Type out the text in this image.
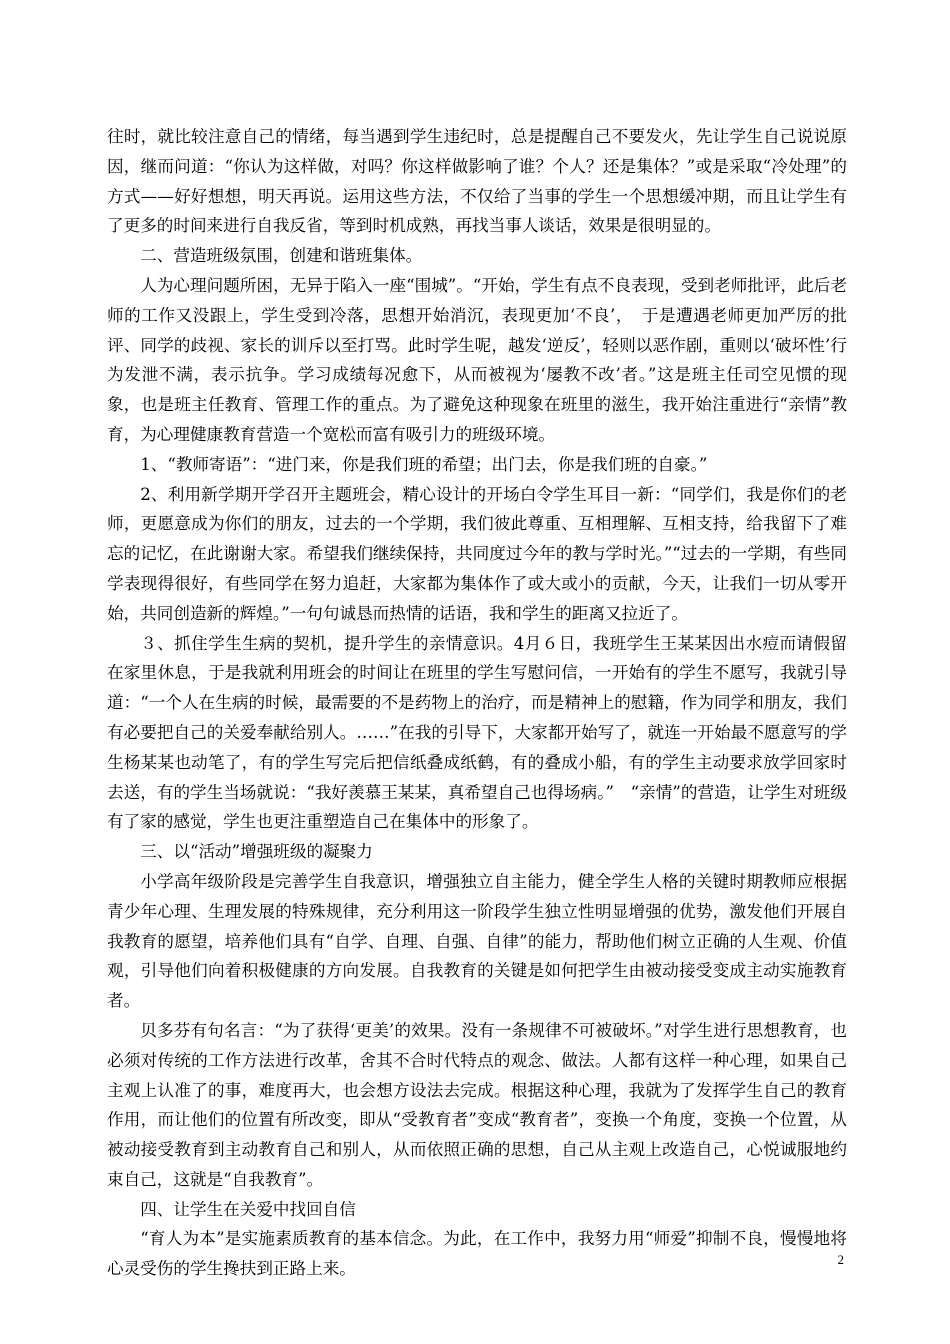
往时，就比较注意自己的情绪，每当遇到学生违纪时，总是提醒自己不要发火，先让学生自己说说原因，继而问道：“你认为这样做，对吗？你这样做影响了谁？个人？还是集体？”或是采取“冷处理”的方式——好好想想，明天再说。运用这些方法，不仅给了当事的学生一个思想缓冲期，而且让学生有了更多的时间来进行自我反省，等到时机成熟，再找当事人谈话，效果是很明显的。

二、营造班级氛围，创建和谐班集体。

人为心理问题所困，无异于陷入一座“围城”。“开始，学生有点不良表现，受到老师批评，此后老师的工作又没跟上，学生受到冷落，思想开始消沉，表现更加‘不良’，　于是遭遇老师更加严厉的批评、同学的歧视、家长的训斥以至打骂。此时学生呢，越发‘逆反’，轻则以恶作剧，重则以‘破坏性’行为发泄不满，表示抗争。学习成绩每况愈下，从而被视为‘屡教不改’者。”这是班主任司空见惯的现象，也是班主任教育、管理工作的重点。为了避免这种现象在班里的滋生，我开始注重进行“亲情”教育，为心理健康教育营造一个宽松而富有吸引力的班级环境。

1、“教师寄语”：“进门来，你是我们班的希望；出门去，你是我们班的自豪。”

2、利用新学期开学召开主题班会，精心设计的开场白令学生耳目一新：“同学们，我是你们的老师，更愿意成为你们的朋友，过去的一个学期，我们彼此尊重、互相理解、互相支持，给我留下了难忘的记忆，在此谢谢大家。希望我们继续保持，共同度过今年的教与学时光。”“过去的一学期，有些同学表现得很好，有些同学在努力追赶，大家都为集体作了或大或小的贡献，今天，让我们一切从零开始，共同创造新的辉煌。”一句句诚恳而热情的话语，我和学生的距离又拉近了。

３、抓住学生生病的契机，提升学生的亲情意识。4月６日，我班学生王某某因出水痘而请假留在家里休息，于是我就利用班会的时间让在班里的学生写慰问信，一开始有的学生不愿写，我就引导道：“一个人在生病的时候，最需要的不是药物上的治疗，而是精神上的慰籍，作为同学和朋友，我们有必要把自己的关爱奉献给别人。……”在我的引导下，大家都开始写了，就连一开始最不愿意写的学生杨某某也动笔了，有的学生写完后把信纸叠成纸鹤，有的叠成小船，有的学生主动要求放学回家时去送，有的学生当场就说：“我好羡慕王某某，真希望自己也得场病。”　“亲情”的营造，让学生对班级有了家的感觉，学生也更注重塑造自己在集体中的形象了。

三、以“活动”增强班级的凝聚力

小学高年级阶段是完善学生自我意识，增强独立自主能力，健全学生人格的关键时期教师应根据青少年心理、生理发展的特殊规律，充分利用这一阶段学生独立性明显增强的优势，激发他们开展自我教育的愿望，培养他们具有“自学、自理、自强、自律”的能力，帮助他们树立正确的人生观、价值观，引导他们向着积极健康的方向发展。自我教育的关键是如何把学生由被动接受变成主动实施教育者。

贝多芬有句名言：“为了获得‘更美’的效果。没有一条规律不可被破坏。”对学生进行思想教育，也必须对传统的工作方法进行改革，舍其不合时代特点的观念、做法。人都有这样一种心理，如果自己主观上认准了的事，难度再大，也会想方设法去完成。根据这种心理，我就为了发挥学生自己的教育作用，而让他们的位置有所改变，即从“受教育者”变成“教育者”，变换一个角度，变换一个位置，从被动接受教育到主动教育自己和别人，从而依照正确的思想，自己从主观上改造自己，心悦诚服地约束自己，这就是“自我教育”。

四、让学生在关爱中找回自信

“育人为本”是实施素质教育的基本信念。为此，在工作中，我努力用“师爱”抑制不良，慢慢地将心灵受伤的学生搀扶到正路上来。	2
